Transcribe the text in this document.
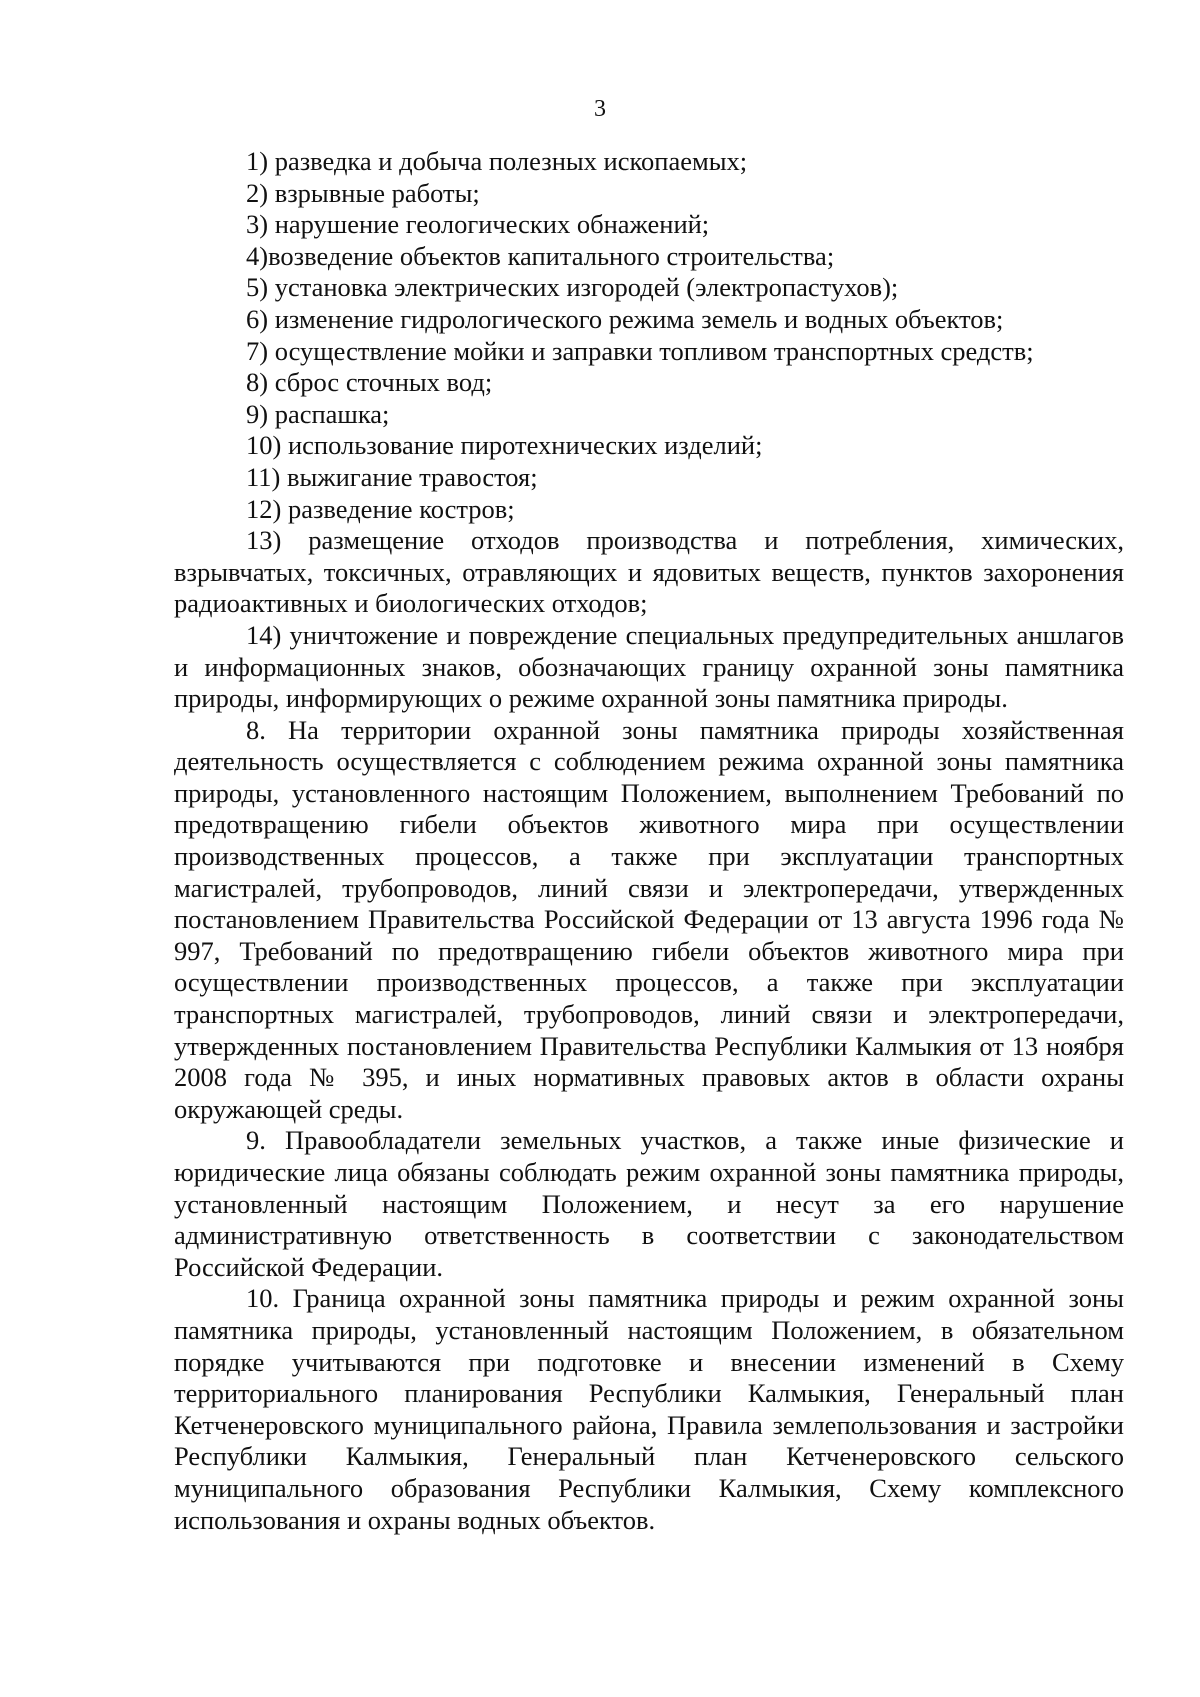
3

1) разведка и добыча полезных ископаемых;

2) взрывные работы;

3) нарушение геологических обнажений;

4)возведение объектов капитального строительства;

5) установка электрических изгородей (электропастухов);

6) изменение гидрологического режима земель и водных объектов;

7) осуществление мойки и заправки топливом транспортных средств;

8) сброс сточных вод;

9) распашка;

10) использование пиротехнических изделий;

11) выжигание травостоя;

12) разведение костров;

13) размещение отходов производства и потребления, химических, взрывчатых, токсичных, отравляющих и ядовитых веществ, пунктов захоронения радиоактивных и биологических отходов;

14) уничтожение и повреждение специальных предупредительных аншлагов и информационных знаков, обозначающих границу охранной зоны памятника природы, информирующих о режиме охранной зоны памятника природы.

8. На территории охранной зоны памятника природы хозяйственная деятельность осуществляется с соблюдением режима охранной зоны памятника природы, установленного настоящим Положением, выполнением Требований по предотвращению гибели объектов животного мира при осуществлении производственных процессов, а также при эксплуатации транспортных магистралей, трубопроводов, линий связи и электропередачи, утвержденных постановлением Правительства Российской Федерации от 13 августа 1996 года № 997, Требований по предотвращению гибели объектов животного мира при осуществлении производственных процессов, а также при эксплуатации транспортных магистралей, трубопроводов, линий связи и электропередачи, утвержденных постановлением Правительства Республики Калмыкия от 13 ноября 2008 года № 395, и иных нормативных правовых актов в области охраны окружающей среды.

9. Правообладатели земельных участков, а также иные физические и юридические лица обязаны соблюдать режим охранной зоны памятника природы, установленный настоящим Положением, и несут за его нарушение административную ответственность в соответствии с законодательством Российской Федерации.

10. Граница охранной зоны памятника природы и режим охранной зоны памятника природы, установленный настоящим Положением, в обязательном порядке учитываются при подготовке и внесении изменений в Схему территориального планирования Республики Калмыкия, Генеральный план Кетченеровского муниципального района, Правила землепользования и застройки Республики Калмыкия, Генеральный план Кетченеровского сельского муниципального образования Республики Калмыкия, Схему комплексного использования и охраны водных объектов.
